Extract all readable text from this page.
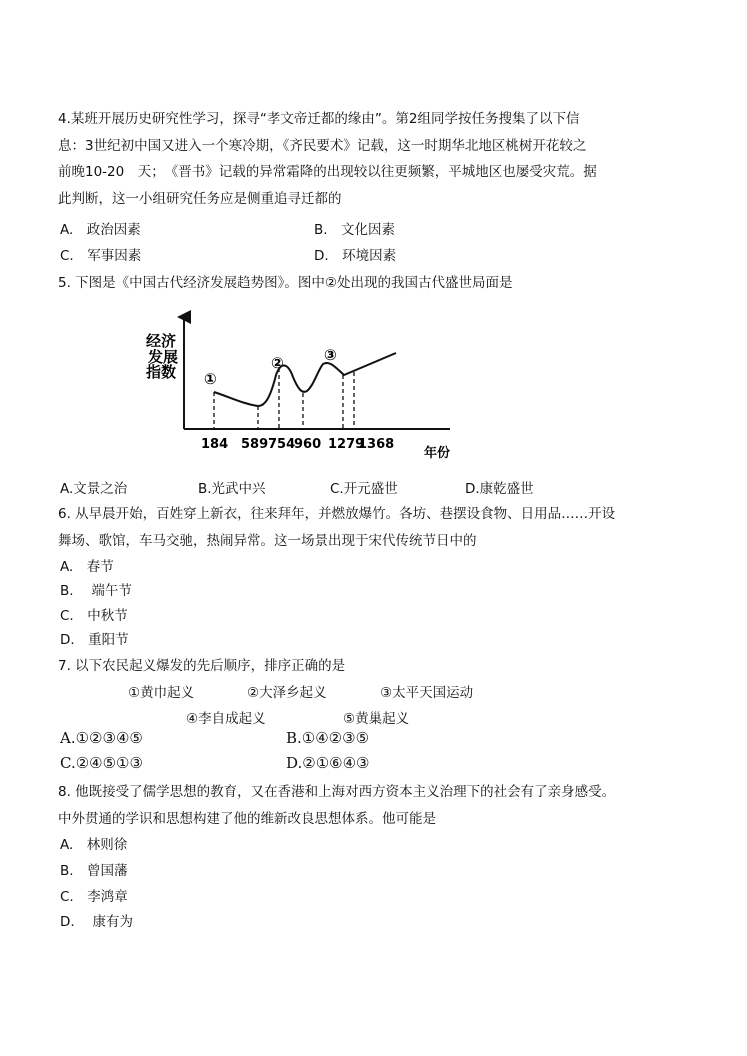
4.某班开展历史研究性学习，探寻“孝文帝迁都的缘由”。第2组同学按任务搜集了以下信
息：3世纪初中国又进入一个寒冷期，《齐民要术》记载，这一时期华北地区桃树开花较之
前晚10-20　天；　《晋书》记载的异常霜降的出现较以往更频繁，平城地区也屡受灾荒。据
此判断，这一小组研究任务应是侧重追寻迁都的
A.　政治因素	B.　文化因素
C.　军事因素	D.　环境因素
5. 下图是《中国古代经济发展趋势图》。图中②处出现的我国古代盛世局面是
经济
发展
指数 ①
②	③
184 589 754
960 1279
1368
年份
A.文景之治	B.光武中兴	C.开元盛世	D.康乾盛世
6. 从早晨开始，百姓穿上新衣，往来拜年，并燃放爆竹。各坊、巷摆设食物、日用品……开设
舞场、歌馆，车马交驰，热闹异常。这一场景出现于宋代传统节日中的
A.　春节
B.　 端午节
C.　中秋节
D.　重阳节
7. 以下农民起义爆发的先后顺序，排序正确的是
①黄巾起义	②大泽乡起义	③太平天国运动
④李自成起义	⑤黄巢起义
A.①②③④⑤	B.①④②③⑤
C.②④⑤①③	D.②①⑥④③
8. 他既接受了儒学思想的教育，又在香港和上海对西方资本主义治理下的社会有了亲身感受。
中外贯通的学识和思想构建了他的维新改良思想体系。他可能是
A.　林则徐
B.　曾国藩
C.　李鸿章
D.　 康有为
